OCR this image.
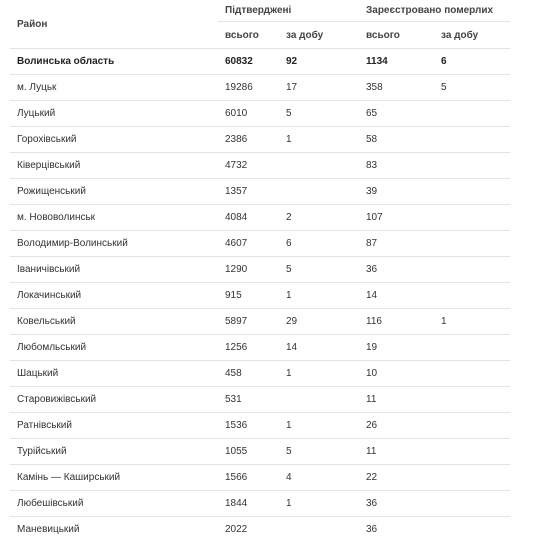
Район	Підтверджені		Зареєстровано померлих	
	всього	за добу	всього	за добу
Волинська область	60832	92	1134	6
м. Луцьк	19286	17	358	5
Луцький	6010	5	65	
Горохівський	2386	1	58	
Ківерцівський	4732		83	
Рожищенський	1357		39	
м. Нововолинськ	4084	2	107	
Володимир-Волинський	4607	6	87	
Іваничівський	1290	5	36	
Локачинський	915	1	14	
Ковельський	5897	29	116	1
Любомльський	1256	14	19	
Шацький	458	1	10	
Старовижівський	531		11	
Ратнівський	1536	1	26	
Турійський	1055	5	11	
Камінь — Каширський	1566	4	22	
Любешівський	1844	1	36	
Маневицький	2022		36	
